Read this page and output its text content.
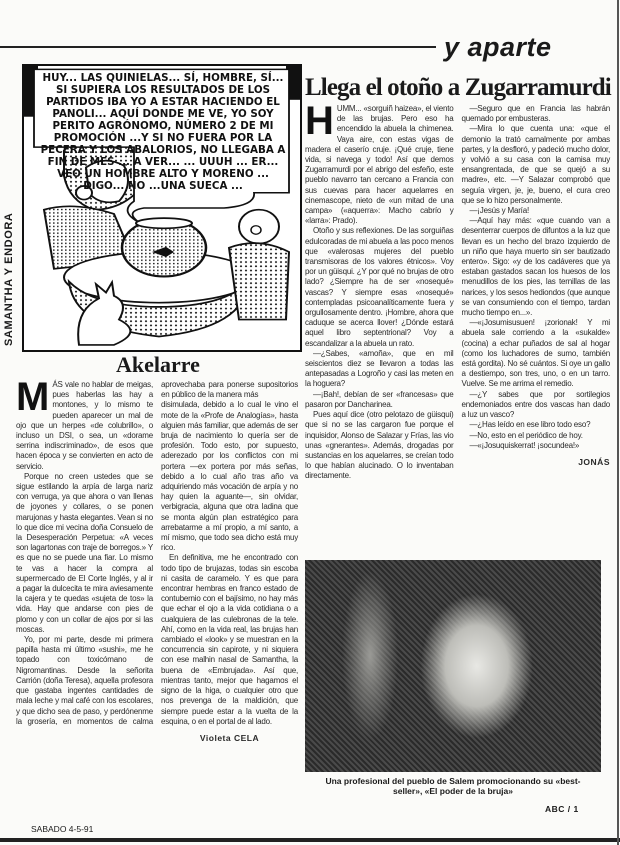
y aparte
HUY... LAS QUINIELAS... SÍ, HOMBRE, SÍ... SI SUPIERA LOS RESULTADOS DE LOS PARTIDOS IBA YO A ESTAR HACIENDO EL PANOLI... AQUÍ DONDE ME VE, YO SOY PERITO AGRÓNOMO, NÚMERO 2 DE MI PROMOCIÓN ...Y SI NO FUERA POR LA PECERA Y LOS ABALORIOS, NO LLEGABA A FIN DE MES ... A VER... ... UUUH ... ER... VEO UN HOMBRE ALTO Y MORENO ... DIGO... NO ...UNA SUECA ...
SAMANTHA Y ENDORA
Llega el otoño a Zugarramurdi
H UMM... «sorguiñ haizea», el viento de las brujas. Pero eso ha encendido la abuela la chimenea. Vaya aire, con estas vigas de madera el caserío cruje. ¡Qué cruje, tiene vida, si navega y todo! Así que demos Zugarramurdi por el abrigo del esfeño, este pueblo navarro tan cercano a Francia con sus cuevas para hacer aquelarres en cinemascope, nieto de «un mitad de una campa» («aquerra»: Macho cabrío y «larra»: Prado).

Otoño y sus reflexiones. De las sorguiñas edulcoradas de mi abuela a las poco menos que «valerosas mujeres del pueblo transmisoras de los valores étnicos». Voy por un güisqui. ¿Y por qué no brujas de otro lado? ¿Siempre ha de ser «nosequé» vascas? Y siempre esas «nosequé» contempladas psicoanalíticamente fuera y orgullosamente dentro. ¡Hombre, ahora que caduque se acerca llover! ¿Dónde estará aquel libro septentrional? Voy a escandalizar a la abuela un rato.

—¿Sabes, «amoña», que en mil seiscientos diez se llevaron a todas las antepasadas a Logroño y casi las meten en la hoguera?

—¡Bah!, debían de ser «francesas» que pasaron por Dancharinea.

Pues aquí dice (otro pelotazo de güisqui) que si no se las cargaron fue porque el inquisidor, Alonso de Salazar y Frías, las vio unas «gnerantes». Además, drogadas por sustancias en los aquelarres, se creían todo lo que habían alucinado. O lo inventaban directamente.

—Seguro que en Francia las habrán quemado por embusteras.

—Mira lo que cuenta una: «que el demonio la trató carnalmente por ambas partes, y la desfloró, y padeció mucho dolor, y volvió a su casa con la camisa muy ensangrentada, de que se quejó a su madre», etc. —Y Salazar comprobó que seguía virgen, je, je, bueno, el cura creo que se lo hizo personalmente.

—¡Jesús y María!

—Aquí hay más: «que cuando van a desenterrar cuerpos de difuntos a la luz que llevan es un hecho del brazo izquierdo de un niño que haya muerto sin ser bautizado entero». Sigo: «y de los cadáveres que ya estaban gastados sacan los huesos de los menudillos de los pies, las ternillas de las narices, y los sesos hediondos (que aunque se van consumiendo con el tiempo, tardan mucho tiempo en...».

—«¡Josumisusuen! ¡zorionak! Y mi abuela sale corriendo a la «sukalde» (cocina) a echar puñados de sal al hogar (como los luchadores de sumo, también está gordita). No sé cuántos. Si oye un gallo a destiempo, son tres, uno, o en un tarro. Vuelve. Se me arrima el remedio.

—¿Y sabes que por sortilegios endemoniados entre dos vascas han dado a luz un vasco?

—¿Has leído en ese libro todo eso?

—No, esto en el periódico de hoy.

—«¡Josuquiskerrat! ¡socundea!»

JONÁS
Una profesional del pueblo de Salem promocionando su «best-seller», «El poder de la bruja»
Akelarre
M ÁS vale no hablar de meigas, pues haberlas las hay a montones, y lo mismo te pueden aparecer un mal de ojo que un herpes «de colubrillo», o incluso un DSI, o sea, un «dorame serrina indiscriminado», de esos que hacen época y se convierten en acto de servicio.

Porque no creen ustedes que se sigue estilando la arpía de larga nariz con verruga, ya que ahora o van llenas de joyones y collares, o se ponen marujonas y hasta elegantes. Vean si no lo que dice mi vecina doña Consuelo de la Desesperación Perpetua: «A veces son lagartonas con traje de borregos.» Y es que no se puede una fiar. Lo mismo te vas a hacer la compra al supermercado de El Corte Inglés, y al ir a pagar la dulcecita te mira aviesamente la cajera y te quedas «sujeta de tos» la vida. Hay que andarse con pies de plomo y con un collar de ajos por si las moscas.

Yo, por mi parte, desde mi primera papilla hasta mi último «sushi», me he topado con toxicómano de Nigromantinas. Desde la señorita Carrión (doña Teresa), aquella profesora que gastaba ingentes cantidades de mala leche y mal café con los escolares, y que dicho sea de paso, y perdónenme la grosería, en momentos de calma aprovechaba para ponerse supositorios en público de la manera más

disimulada, debido a lo cual le vino el mote de la «Profe de Analogías», hasta alguien más familiar, que además de ser bruja de nacimiento lo quería ser de profesión. Todo esto, por supuesto, aderezado por los conflictos con mi portera —ex portera por más señas, debido a lo cual año tras año va adquiriendo más vocación de arpía y no hay quien la aguante—, sin olvidar, verbigracia, alguna que otra ladina que se monta algún plan estratégico para arrebatarme a mí propio, a mí santo, a mí mismo, que todo sea dicho está muy rico.

En definitiva, me he encontrado con todo tipo de brujazas, todas sin escoba ni casita de caramelo. Y es que para encontrar hembras en franco estado de contubernio con el bajísimo, no hay más que echar el ojo a la vida cotidiana o a cualquiera de las culebronas de la tele. Ahí, como en la vida real, las brujas han cambiado el «look» y se muestran en la concurrencia sin capirote, y ni siquiera con ese malhin nasal de Samantha, la buena de «Embrujada». Así que, mientras tanto, mejor que hagamos el signo de la higa, o cualquier otro que nos prevenga de la maldición, que siempre puede estar a la vuelta de la esquina, o en el portal de al lado.

Violeta CELA
SABADO 4-5-91
ABC / 1
